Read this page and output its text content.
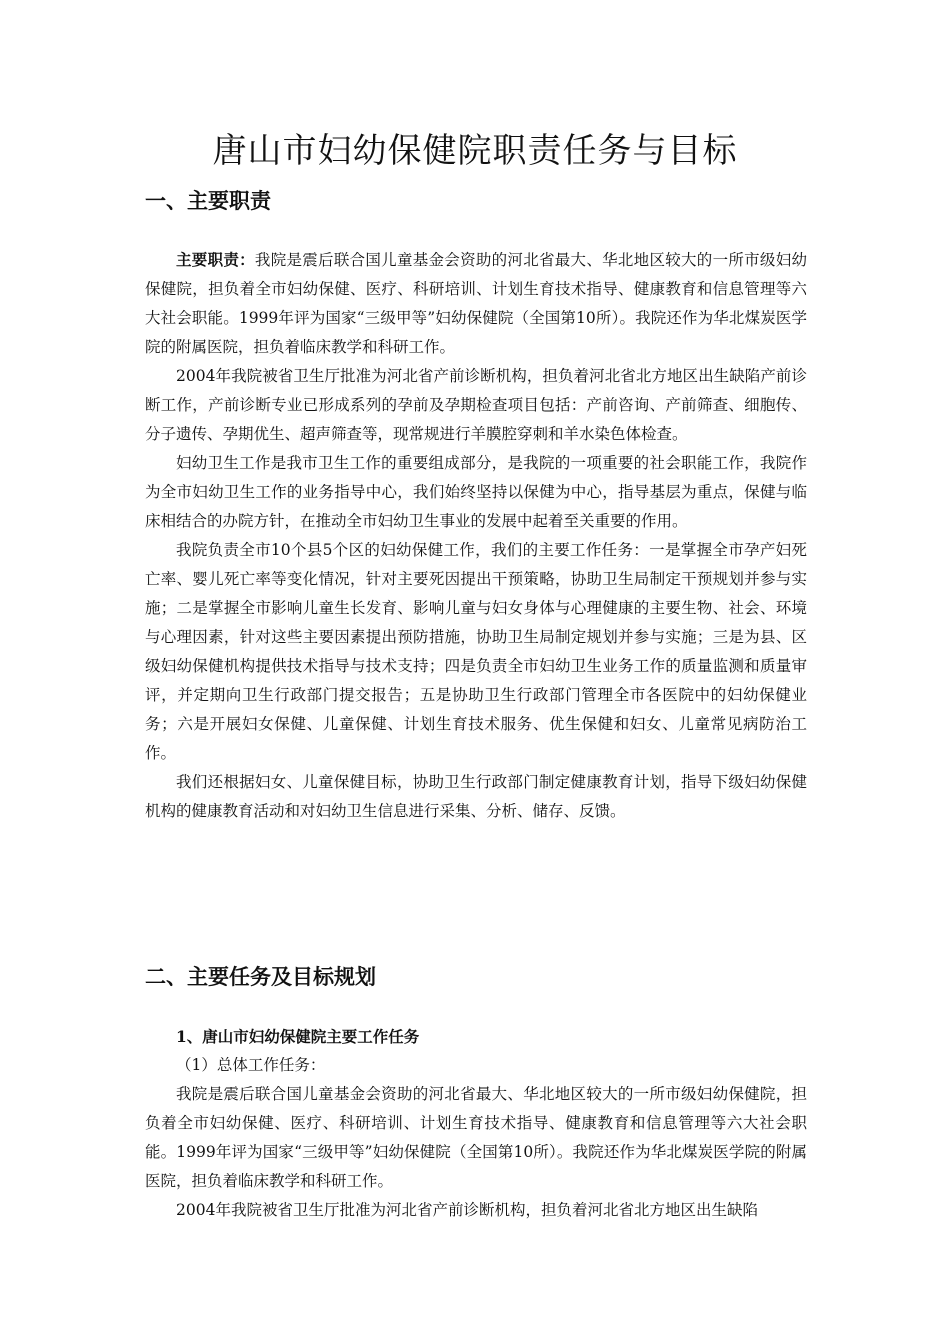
唐山市妇幼保健院职责任务与目标
一、主要职责

主要职责：我院是震后联合国儿童基金会资助的河北省最大、华北地区较大的一所市级妇幼保健院，担负着全市妇幼保健、医疗、科研培训、计划生育技术指导、健康教育和信息管理等六大社会职能。1999年评为国家“三级甲等”妇幼保健院（全国第10所）。我院还作为华北煤炭医学院的附属医院，担负着临床教学和科研工作。

2004年我院被省卫生厅批准为河北省产前诊断机构，担负着河北省北方地区出生缺陷产前诊断工作，产前诊断专业已形成系列的孕前及孕期检查项目包括：产前咨询、产前筛查、细胞传、分子遗传、孕期优生、超声筛查等，现常规进行羊膜腔穿刺和羊水染色体检查。

妇幼卫生工作是我市卫生工作的重要组成部分，是我院的一项重要的社会职能工作，我院作为全市妇幼卫生工作的业务指导中心，我们始终坚持以保健为中心，指导基层为重点，保健与临床相结合的办院方针，在推动全市妇幼卫生事业的发展中起着至关重要的作用。

我院负责全市10个县5个区的妇幼保健工作，我们的主要工作任务：一是掌握全市孕产妇死亡率、婴儿死亡率等变化情况，针对主要死因提出干预策略，协助卫生局制定干预规划并参与实施；二是掌握全市影响儿童生长发育、影响儿童与妇女身体与心理健康的主要生物、社会、环境与心理因素，针对这些主要因素提出预防措施，协助卫生局制定规划并参与实施；三是为县、区级妇幼保健机构提供技术指导与技术支持；四是负责全市妇幼卫生业务工作的质量监测和质量审评，并定期向卫生行政部门提交报告；五是协助卫生行政部门管理全市各医院中的妇幼保健业务；六是开展妇女保健、儿童保健、计划生育技术服务、优生保健和妇女、儿童常见病防治工作。

我们还根据妇女、儿童保健目标，协助卫生行政部门制定健康教育计划，指导下级妇幼保健机构的健康教育活动和对妇幼卫生信息进行采集、分析、储存、反馈。

二、主要任务及目标规划

1、唐山市妇幼保健院主要工作任务

（1）总体工作任务：

我院是震后联合国儿童基金会资助的河北省最大、华北地区较大的一所市级妇幼保健院，担负着全市妇幼保健、医疗、科研培训、计划生育技术指导、健康教育和信息管理等六大社会职能。1999年评为国家“三级甲等”妇幼保健院（全国第10所）。我院还作为华北煤炭医学院的附属医院，担负着临床教学和科研工作。

2004年我院被省卫生厅批准为河北省产前诊断机构，担负着河北省北方地区出生缺陷
